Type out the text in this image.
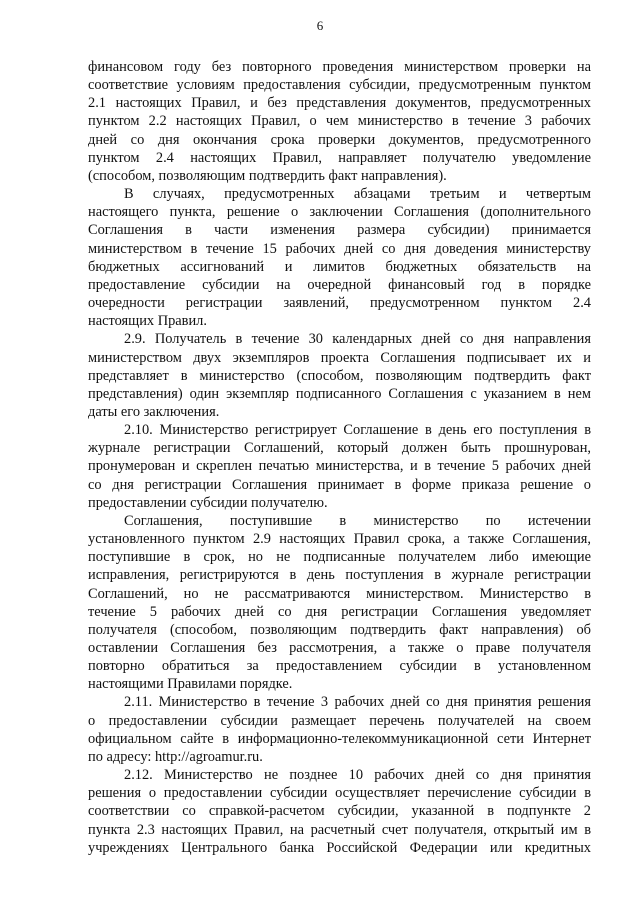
6
финансовом году без повторного проведения министерством проверки на
соответствие условиям предоставления субсидии, предусмотренным пунктом
2.1 настоящих Правил, и без представления документов, предусмотренных
пунктом 2.2 настоящих Правил, о чем министерство в течение 3 рабочих
дней со дня окончания срока проверки документов, предусмотренного
пунктом 2.4 настоящих Правил, направляет получателю уведомление
(способом, позволяющим подтвердить факт направления).
В случаях, предусмотренных абзацами третьим и четвертым
настоящего пункта, решение о заключении Соглашения (дополнительного
Соглашения в части изменения размера субсидии) принимается
министерством в течение 15 рабочих дней со дня доведения министерству
бюджетных ассигнований и лимитов бюджетных обязательств на
предоставление субсидии на очередной финансовый год в порядке
очередности регистрации заявлений, предусмотренном пунктом 2.4
настоящих Правил.
2.9. Получатель в течение 30 календарных дней со дня направления
министерством двух экземпляров проекта Соглашения подписывает их и
представляет в министерство (способом, позволяющим подтвердить факт
представления) один экземпляр подписанного Соглашения с указанием в нем
даты его заключения.
2.10. Министерство регистрирует Соглашение в день его поступления в
журнале регистрации Соглашений, который должен быть прошнурован,
пронумерован и скреплен печатью министерства, и в течение 5 рабочих дней
со дня регистрации Соглашения принимает в форме приказа решение о
предоставлении субсидии получателю.
Соглашения, поступившие в министерство по истечении
установленного пунктом 2.9 настоящих Правил срока, а также Соглашения,
поступившие в срок, но не подписанные получателем либо имеющие
исправления, регистрируются в день поступления в журнале регистрации
Соглашений, но не рассматриваются министерством. Министерство в
течение 5 рабочих дней со дня регистрации Соглашения уведомляет
получателя (способом, позволяющим подтвердить факт направления) об
оставлении Соглашения без рассмотрения, а также о праве получателя
повторно обратиться за предоставлением субсидии в установленном
настоящими Правилами порядке.
2.11. Министерство в течение 3 рабочих дней со дня принятия решения
о предоставлении субсидии размещает перечень получателей на своем
официальном сайте в информационно-телекоммуникационной сети Интернет
по адресу: http://agroamur.ru.
2.12. Министерство не позднее 10 рабочих дней со дня принятия
решения о предоставлении субсидии осуществляет перечисление субсидии в
соответствии со справкой-расчетом субсидии, указанной в подпункте 2
пункта 2.3 настоящих Правил, на расчетный счет получателя, открытый им в
учреждениях Центрального банка Российской Федерации или кредитных
